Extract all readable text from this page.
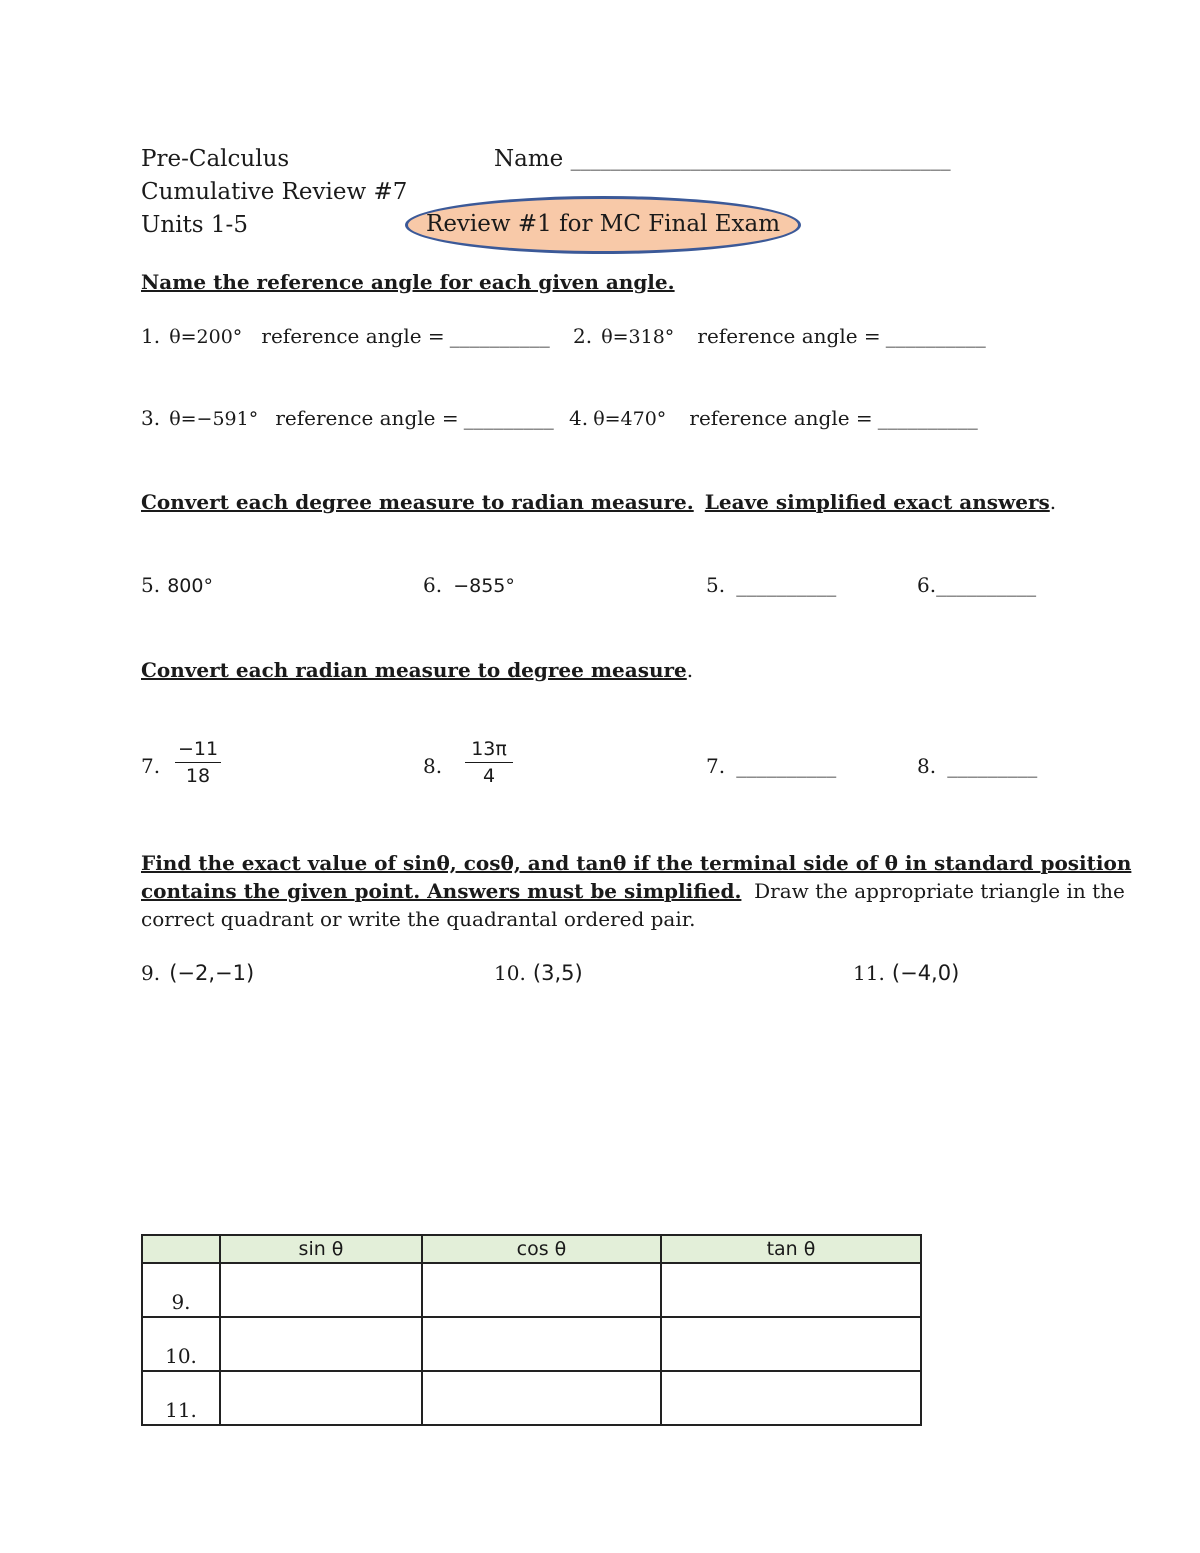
Pre-Calculus
Cumulative Review #7
Units 1-5
Name ______________________________________
Review #1 for MC Final Exam
Name the reference angle for each given angle.
1. θ=200° reference angle = __________ 2. θ=318° reference angle = __________
3. θ=−591° reference angle = _________ 4. θ=470° reference angle = __________
Convert each degree measure to radian measure. Leave simplified exact answers.
5. 800°	6. −855°	5. __________	6.__________
Convert each radian measure to degree measure.
7.
−11
18	8.
13π
4	7. __________	8. _________
Find the exact value of sinθ, cosθ, and tanθ if the terminal side of θ in standard position
contains the given point. Answers must be simplified.  Draw the appropriate triangle in the
correct quadrant or write the quadrantal ordered pair.
9. (−2,−1)	10. (3,5)	11. (−4,0)
	sin θ	cos θ	tan θ
9.			
10.			
11.			
